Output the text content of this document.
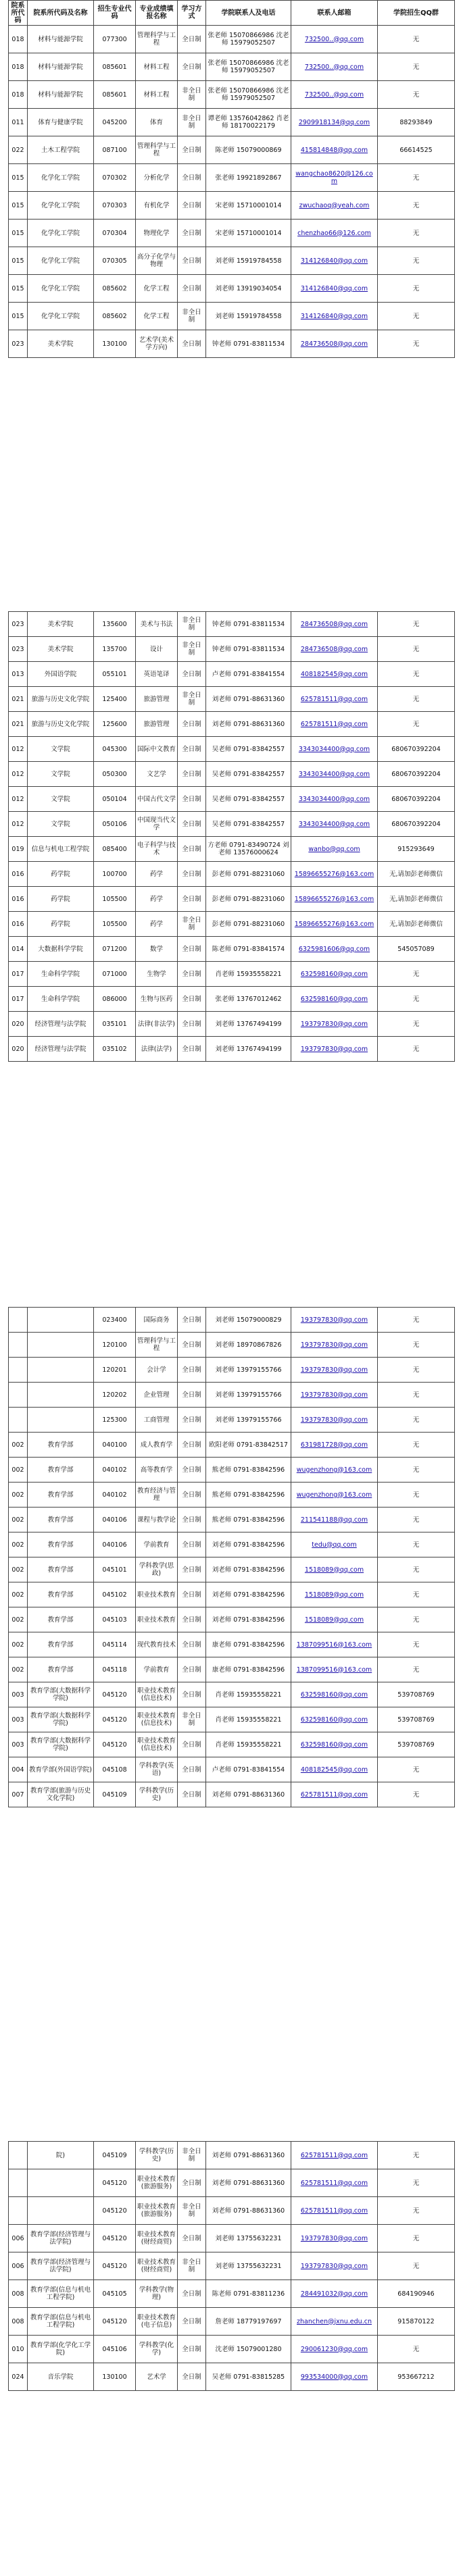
院系所代码	院系所代码及名称	招生专业代码	专业成绩填报名称	学习方式	学院联系人及电话	联系人邮箱	学院招生QQ群
018	材料与能源学院	077300	管理科学与工程	全日制	张老师 15070866986 沈老师 15979052507	732500..@qq.com	无
018	材料与能源学院	085601	材料工程	全日制	张老师 15070866986 沈老师 15979052507	732500..@qq.com	无
018	材料与能源学院	085601	材料工程	非全日制	张老师 15070866986 沈老师 15979052507	732500..@qq.com	无
011	体育与健康学院	045200	体育	非全日制	谭老师 13576042862 肖老师 18170022179	2909918134@qq.com	88293849
022	土木工程学院	087100	管理科学与工程	全日制	陈老师 15079000869	415814848@qq.com	66614525
015	化学化工学院	070302	分析化学	全日制	张老师 19921892867	wangchao8620@126.com	无
015	化学化工学院	070303	有机化学	全日制	宋老师 15710001014	zwuchaoq@yeah.com	无
015	化学化工学院	070304	物理化学	全日制	宋老师 15710001014	chenzhao66@126.com	无
015	化学化工学院	070305	高分子化学与物理	全日制	刘老师 15919784558	314126840@qq.com	无
015	化学化工学院	085602	化学工程	全日制	刘老师 13919034054	314126840@qq.com	无
015	化学化工学院	085602	化学工程	非全日制	刘老师 15919784558	314126840@qq.com	无
023	美术学院	130100	艺术学(美术学方向)	全日制	钟老师 0791-83811534	284736508@qq.com	无
023	美术学院	135600	美术与书法	非全日制	钟老师 0791-83811534	284736508@qq.com	无
023	美术学院	135700	设计	非全日制	钟老师 0791-83811534	284736508@qq.com	无
013	外国语学院	055101	英语笔译	全日制	卢老师 0791-83841554	408182545@qq.com	无
021	旅游与历史文化学院	125400	旅游管理	非全日制	刘老师 0791-88631360	625781511@qq.com	无
021	旅游与历史文化学院	125600	旅游管理	全日制	刘老师 0791-88631360	625781511@qq.com	无
012	文学院	045300	国际中文教育	全日制	吴老师 0791-83842557	3343034400@qq.com	680670392204
012	文学院	050300	文艺学	全日制	吴老师 0791-83842557	3343034400@qq.com	680670392204
012	文学院	050104	中国古代文学	全日制	吴老师 0791-83842557	3343034400@qq.com	680670392204
012	文学院	050106	中国现当代文学	全日制	吴老师 0791-83842557	3343034400@qq.com	680670392204
019	信息与机电工程学院	085400	电子科学与技术	全日制	方老师 0791-83490724 刘老师 13576000624	wanbo@qq.com	915293649
016	药学院	100700	药学	全日制	彭老师 0791-88231060	15896655276@163.com	无,请加彭老师微信
016	药学院	105500	药学	全日制	彭老师 0791-88231060	15896655276@163.com	无,请加彭老师微信
016	药学院	105500	药学	非全日制	彭老师 0791-88231060	15896655276@163.com	无,请加彭老师微信
014	大数据科学学院	071200	数学	全日制	陈老师 0791-83841574	6325981606@qq.com	545057089
017	生命科学学院	071000	生物学	全日制	肖老师 15935558221	632598160@qq.com	无
017	生命科学学院	086000	生物与医药	全日制	张老师 13767012462	632598160@qq.com	无
020	经济管理与法学院	035101	法律(非法学)	全日制	刘老师 13767494199	193797830@qq.com	无
020	经济管理与法学院	035102	法律(法学)	全日制	刘老师 13767494199	193797830@qq.com	无
		023400	国际商务	全日制	刘老师 15079000829	193797830@qq.com	无
		120100	管理科学与工程	全日制	刘老师 18970867826	193797830@qq.com	无
		120201	会计学	全日制	刘老师 13979155766	193797830@qq.com	无
		120202	企业管理	全日制	刘老师 13979155766	193797830@qq.com	无
		125300	工商管理	全日制	刘老师 13979155766	193797830@qq.com	无
002	教育学部	040100	成人教育学	全日制	欧阳老师 0791-83842517	631981728@qq.com	无
002	教育学部	040102	高等教育学	全日制	熊老师 0791-83842596	wugenzhong@163.com	无
002	教育学部	040102	教育经济与管理	全日制	熊老师 0791-83842596	wugenzhong@163.com	无
002	教育学部	040106	课程与教学论	全日制	熊老师 0791-83842596	211541188@qq.com	无
002	教育学部	040106	学前教育	全日制	刘老师 0791-83842596	tedu@qq.com	无
002	教育学部	045101	学科教学(思政)	全日制	刘老师 0791-83842596	1518089@qq.com	无
002	教育学部	045102	职业技术教育	全日制	刘老师 0791-83842596	1518089@qq.com	无
002	教育学部	045103	职业技术教育	全日制	刘老师 0791-83842596	1518089@qq.com	无
002	教育学部	045114	现代教育技术	全日制	康老师 0791-83842596	1387099516@163.com	无
002	教育学部	045118	学前教育	全日制	康老师 0791-83842596	1387099516@163.com	无
003	教育学部(大数据科学学院)	045120	职业技术教育(信息技术)	全日制	肖老师 15935558221	632598160@qq.com	539708769
003	教育学部(大数据科学学院)	045120	职业技术教育(信息技术)	非全日制	肖老师 15935558221	632598160@qq.com	539708769
003	教育学部(大数据科学学院)	045120	职业技术教育(信息技术)	全日制	肖老师 15935558221	632598160@qq.com	539708769
004	教育学部(外国语学院)	045108	学科教学(英语)	全日制	卢老师 0791-83841554	408182545@qq.com	无
007	教育学部(旅游与历史文化学院)	045109	学科教学(历史)	全日制	刘老师 0791-88631360	625781511@qq.com	无
	院)	045109	学科教学(历史)	非全日制	刘老师 0791-88631360	625781511@qq.com	无
		045120	职业技术教育(旅游服务)	全日制	刘老师 0791-88631360	625781511@qq.com	无
		045120	职业技术教育(旅游服务)	非全日制	刘老师 0791-88631360	625781511@qq.com	无
006	教育学部(经济管理与法学院)	045120	职业技术教育(财经商贸)	全日制	刘老师 13755632231	193797830@qq.com	无
006	教育学部(经济管理与法学院)	045120	职业技术教育(财经商贸)	非全日制	刘老师 13755632231	193797830@qq.com	无
008	教育学部(信息与机电工程学院)	045105	学科教学(物理)	全日制	陈老师 0791-83811236	284491032@qq.com	684190946
008	教育学部(信息与机电工程学院)	045120	职业技术教育(电子信息)	全日制	詹老师 18779197697	zhanchen@jxnu.edu.cn	915870122
010	教育学部(化学化工学院)	045106	学科教学(化学)	全日制	沈老师 15079001280	290061230@qq.com	无
024	音乐学院	130100	艺术学	全日制	吴老师 0791-83815285	993534000@qq.com	953667212
